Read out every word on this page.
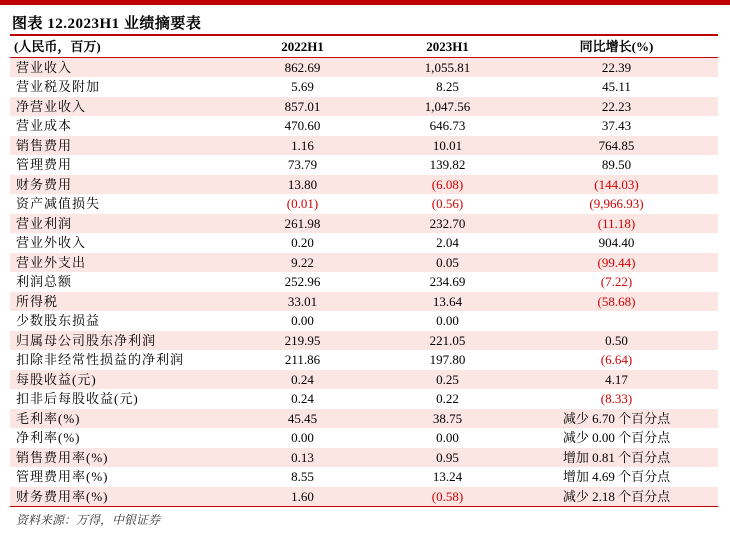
图表 12.2023H1 业绩摘要表
(人民币，百万)	2022H1	2023H1	同比增长(%)
营业收入	862.69	1,055.81	22.39
营业税及附加	5.69	8.25	45.11
净营业收入	857.01	1,047.56	22.23
营业成本	470.60	646.73	37.43
销售费用	1.16	10.01	764.85
管理费用	73.79	139.82	89.50
财务费用	13.80	(6.08)	(144.03)
资产减值损失	(0.01)	(0.56)	(9,966.93)
营业利润	261.98	232.70	(11.18)
营业外收入	0.20	2.04	904.40
营业外支出	9.22	0.05	(99.44)
利润总额	252.96	234.69	(7.22)
所得税	33.01	13.64	(58.68)
少数股东损益	0.00	0.00	
归属母公司股东净利润	219.95	221.05	0.50
扣除非经常性损益的净利润	211.86	197.80	(6.64)
每股收益(元)	0.24	0.25	4.17
扣非后每股收益(元)	0.24	0.22	(8.33)
毛利率(%)	45.45	38.75	减少 6.70 个百分点
净利率(%)	0.00	0.00	减少 0.00 个百分点
销售费用率(%)	0.13	0.95	增加 0.81 个百分点
管理费用率(%)	8.55	13.24	增加 4.69 个百分点
财务费用率(%)	1.60	(0.58)	减少 2.18 个百分点
资料来源：万得，中银证券
